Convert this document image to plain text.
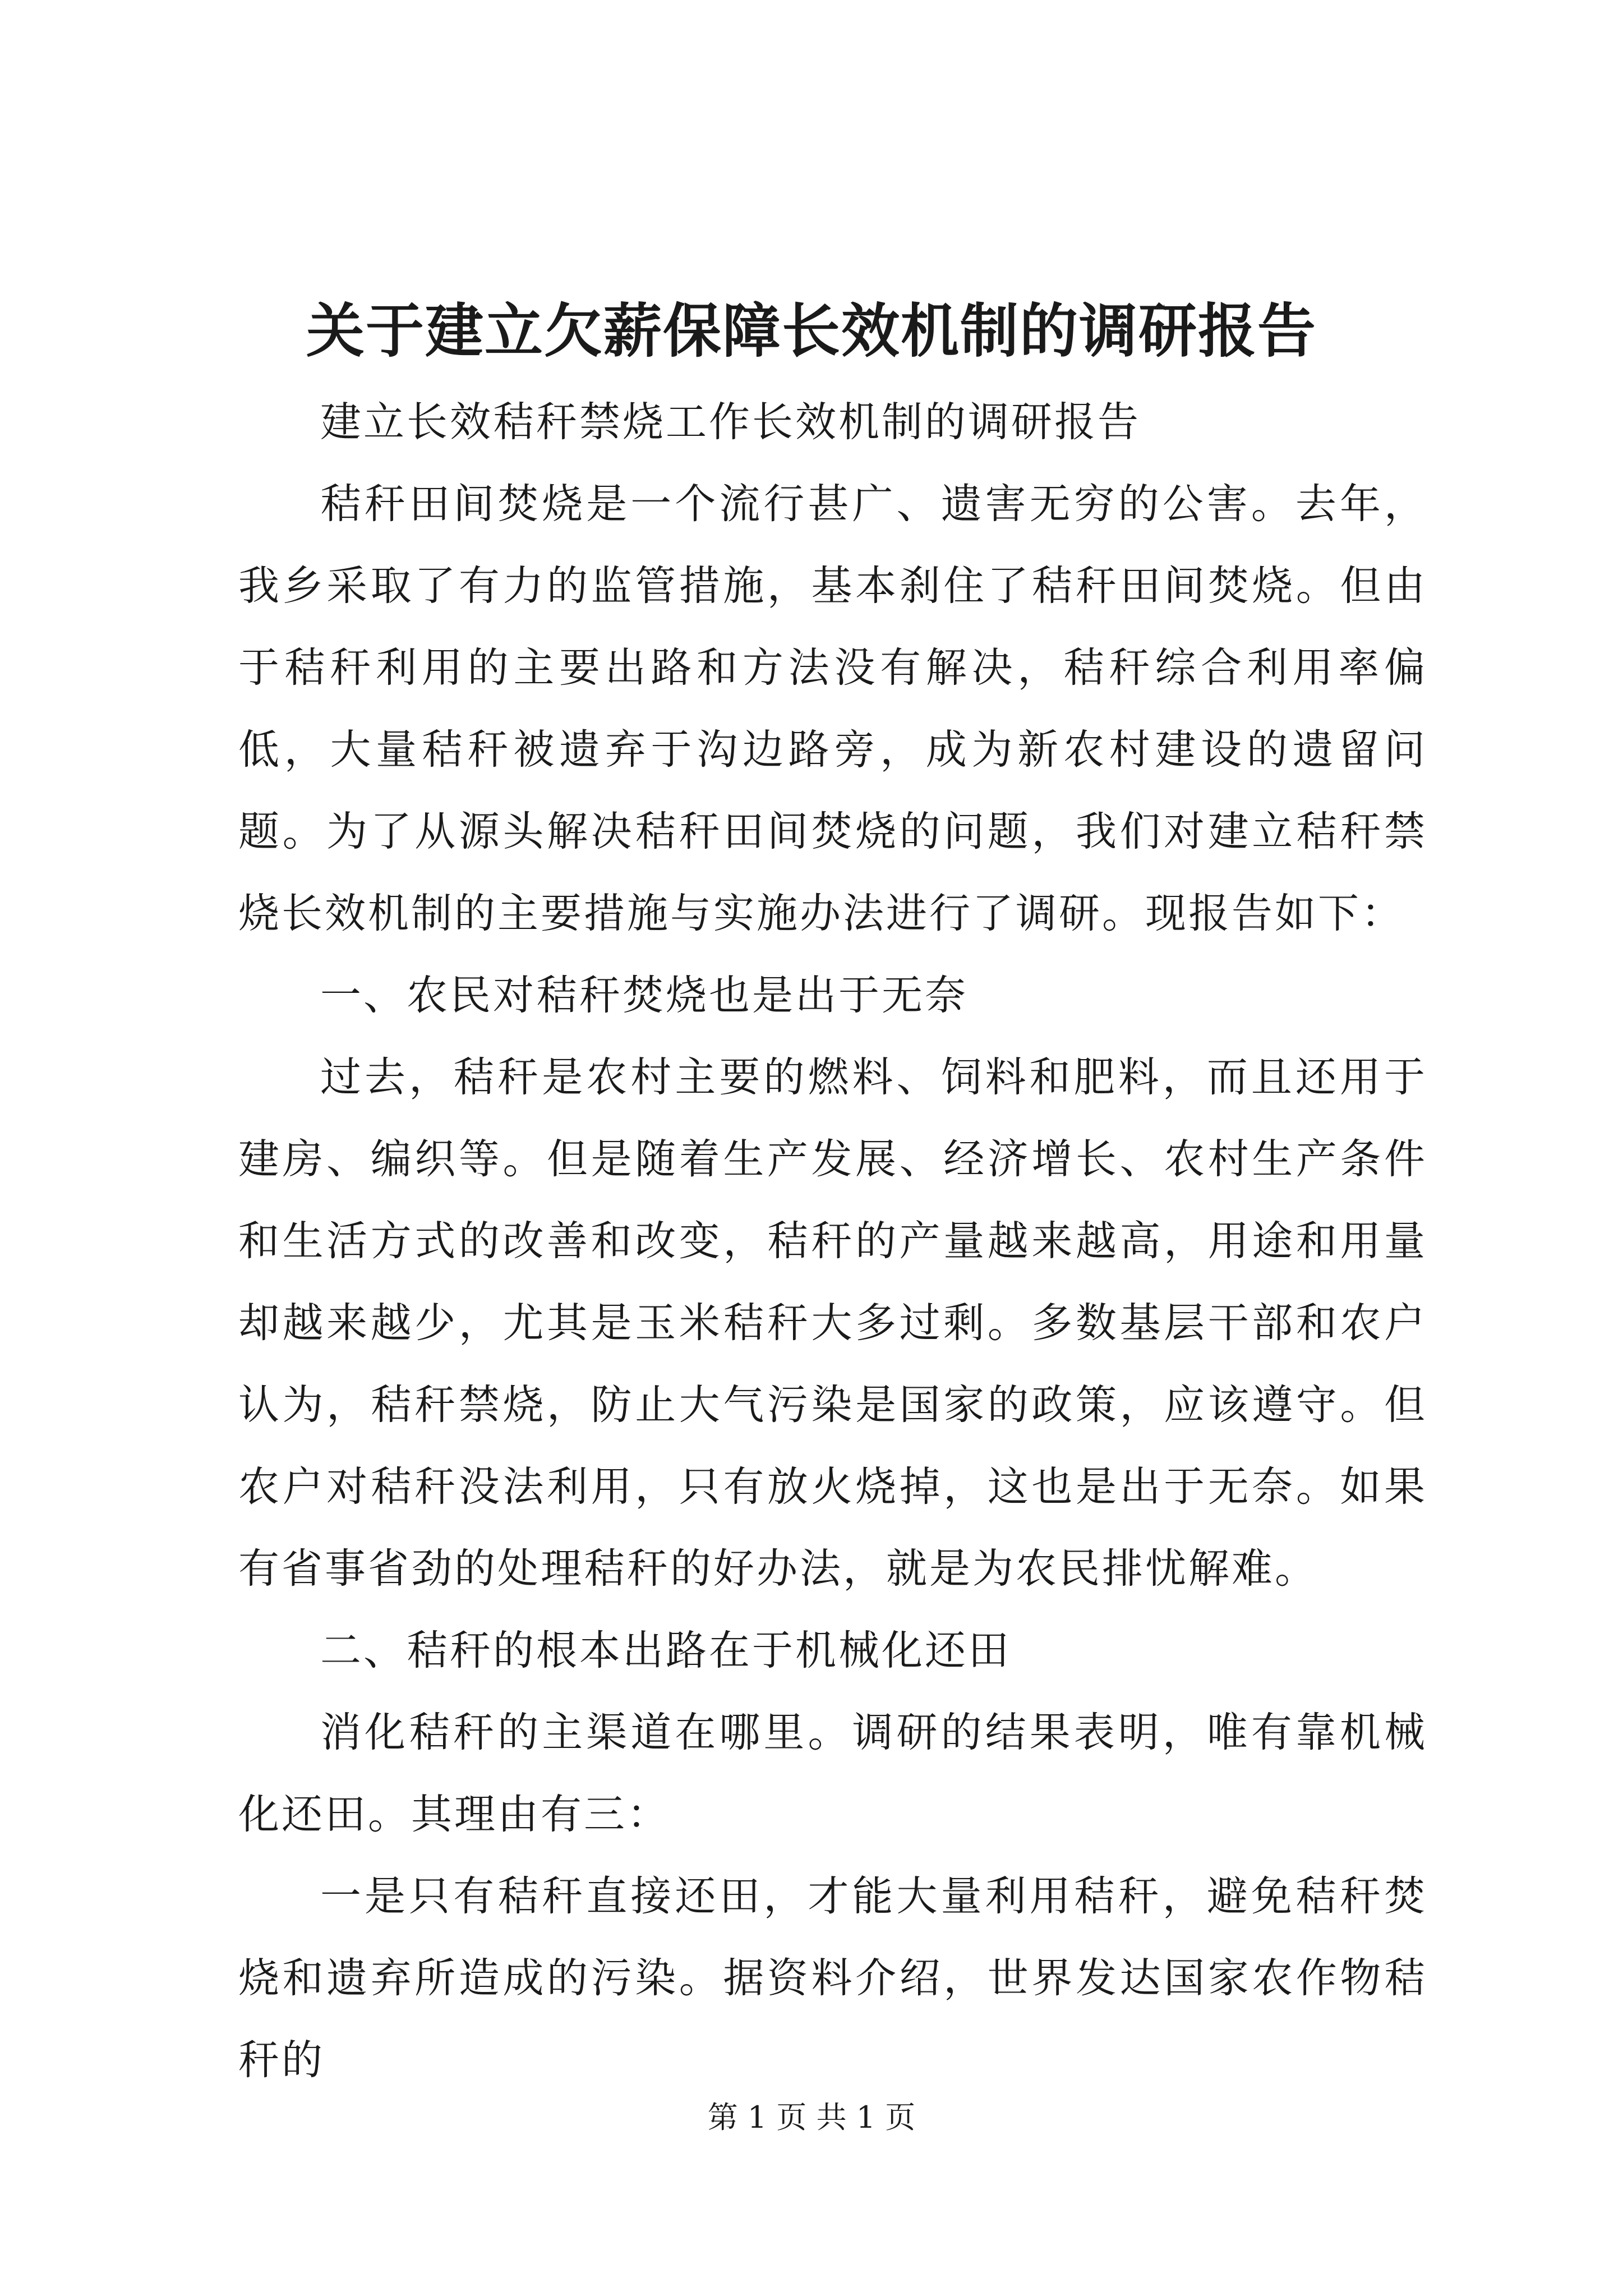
关于建立欠薪保障长效机制的调研报告

建立长效秸秆禁烧工作长效机制的调研报告

秸秆田间焚烧是一个流行甚广、遗害无穷的公害。去年，我乡采取了有力的监管措施，基本刹住了秸秆田间焚烧。但由于秸秆利用的主要出路和方法没有解决，秸秆综合利用率偏低，大量秸秆被遗弃于沟边路旁，成为新农村建设的遗留问题。为了从源头解决秸秆田间焚烧的问题，我们对建立秸秆禁烧长效机制的主要措施与实施办法进行了调研。现报告如下：

一、农民对秸秆焚烧也是出于无奈

过去，秸秆是农村主要的燃料、饲料和肥料，而且还用于建房、编织等。但是随着生产发展、经济增长、农村生产条件和生活方式的改善和改变，秸秆的产量越来越高，用途和用量却越来越少，尤其是玉米秸秆大多过剩。多数基层干部和农户认为，秸秆禁烧，防止大气污染是国家的政策，应该遵守。但农户对秸秆没法利用，只有放火烧掉，这也是出于无奈。如果有省事省劲的处理秸秆的好办法，就是为农民排忧解难。

二、秸秆的根本出路在于机械化还田

消化秸秆的主渠道在哪里。调研的结果表明，唯有靠机械化还田。其理由有三：

一是只有秸秆直接还田，才能大量利用秸秆，避免秸秆焚烧和遗弃所造成的污染。据资料介绍，世界发达国家农作物秸秆的

第 1 页 共 1 页
